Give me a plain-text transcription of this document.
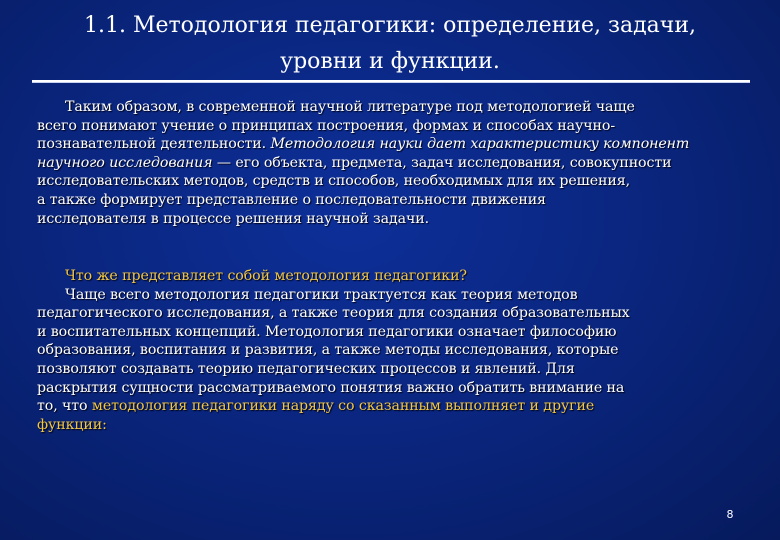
1.1. Методология педагогики: определение, задачи,
уровни и функции.
Таким образом, в современной научной литературе под методологией чаще
всего понимают учение о принципах построения, формах и способах научно-
познавательной деятельности. Методология науки дает характеристику компонент
научного исследования — его объекта, предмета, задач исследования, совокупности
исследовательских методов, средств и способов, необходимых для их решения,
а также формирует представление о последовательности движения
исследователя в процессе решения научной задачи.
Что же представляет собой методология педагогики?
Чаще всего методология педагогики трактуется как теория методов
педагогического исследования, а также теория для создания образовательных
и воспитательных концепций. Методология педагогики означает философию
образования, воспитания и развития, а также методы исследования, которые
позволяют создавать теорию педагогических процессов и явлений. Для
раскрытия сущности рассматриваемого понятия важно обратить внимание на
то, что методология педагогики наряду со сказанным выполняет и другие
функции:
8
